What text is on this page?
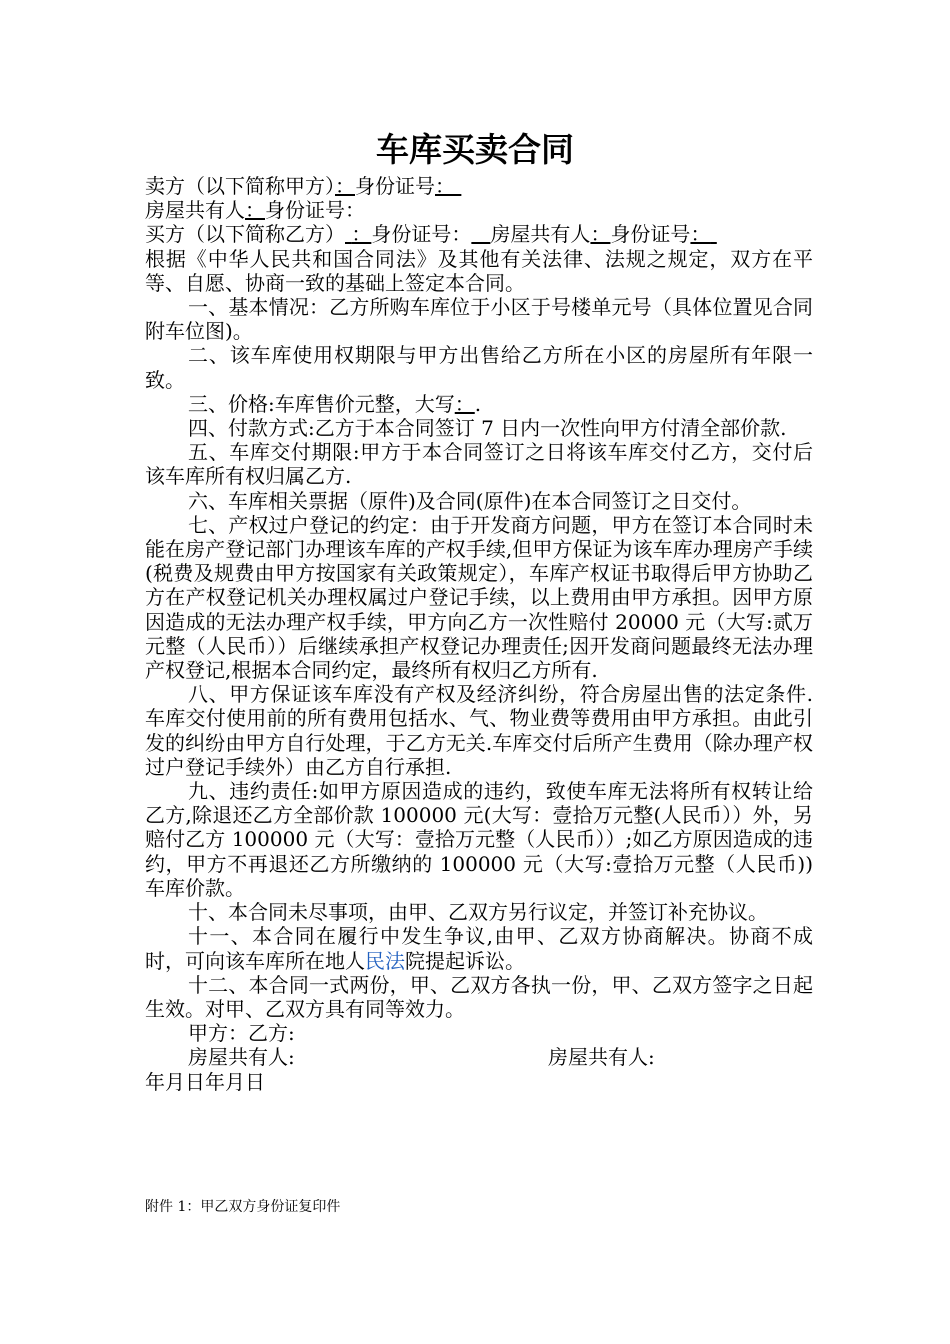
车库买卖合同
卖方（以下简称甲方）：身份证号：
房屋共有人：身份证号：
买方（以下简称乙方） ：身份证号： 房屋共有人：身份证号：

根据《中华人民共和国合同法》及其他有关法律、法规之规定，双方在平等、自愿、协商一致的基础上签定本合同。

一、基本情况：乙方所购车库位于小区于号楼单元号（具体位置见合同附车位图)。

二、该车库使用权期限与甲方出售给乙方所在小区的房屋所有年限一致。

三、价格:车库售价元整，大写：.

四、付款方式:乙方于本合同签订 7 日内一次性向甲方付清全部价款.

五、车库交付期限:甲方于本合同签订之日将该车库交付乙方，交付后该车库所有权归属乙方.

六、车库相关票据（原件)及合同(原件)在本合同签订之日交付。

七、产权过户登记的约定：由于开发商方问题，甲方在签订本合同时未能在房产登记部门办理该车库的产权手续,但甲方保证为该车库办理房产手续(税费及规费由甲方按国家有关政策规定），车库产权证书取得后甲方协助乙方在产权登记机关办理权属过户登记手续，以上费用由甲方承担。因甲方原因造成的无法办理产权手续，甲方向乙方一次性赔付 20000 元（大写:贰万元整（人民币））后继续承担产权登记办理责任;因开发商问题最终无法办理产权登记,根据本合同约定，最终所有权归乙方所有.

八、甲方保证该车库没有产权及经济纠纷，符合房屋出售的法定条件.车库交付使用前的所有费用包括水、气、物业费等费用由甲方承担。由此引发的纠纷由甲方自行处理，于乙方无关.车库交付后所产生费用（除办理产权过户登记手续外）由乙方自行承担.

九、违约责任:如甲方原因造成的违约，致使车库无法将所有权转让给乙方,除退还乙方全部价款 100000 元(大写：壹拾万元整(人民币））外，另赔付乙方 100000 元（大写：壹拾万元整（人民币））;如乙方原因造成的违约，甲方不再退还乙方所缴纳的 100000 元（大写:壹拾万元整（人民币))车库价款。

十、本合同未尽事项，由甲、乙双方另行议定，并签订补充协议。

十一、本合同在履行中发生争议,由甲、乙双方协商解决。协商不成时，可向该车库所在地人民法院提起诉讼。

十二、本合同一式两份，甲、乙双方各执一份，甲、乙双方签字之日起生效。对甲、乙双方具有同等效力。

甲方：乙方:
房屋共有人:	房屋共有人:
年月日年月日
附件 1：甲乙双方身份证复印件
